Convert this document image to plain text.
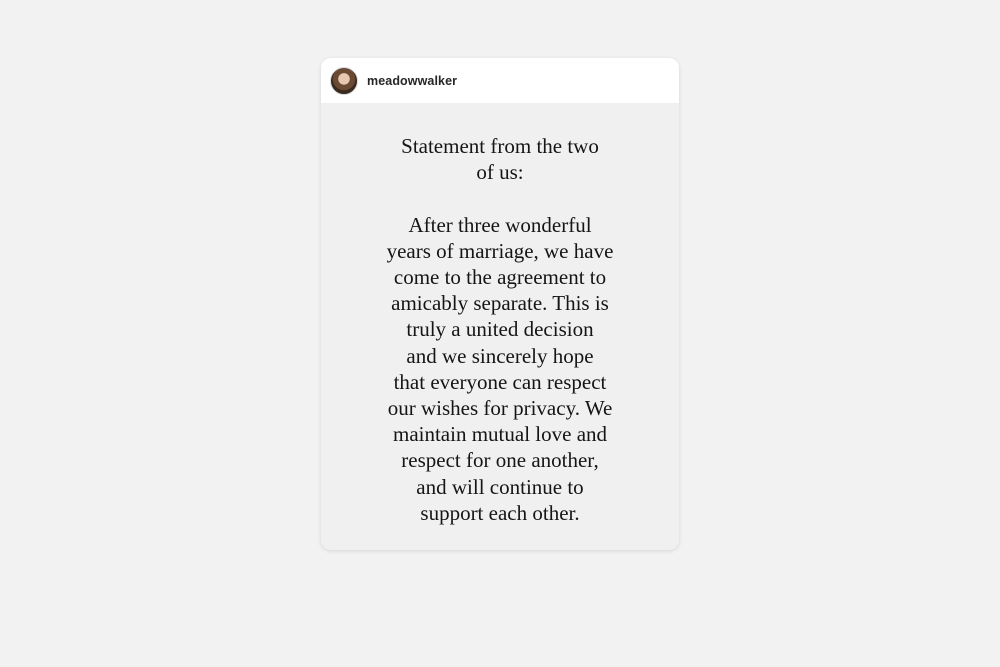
meadowwalker

Statement from the two
of us:

After three wonderful
years of marriage, we have
come to the agreement to
amicably separate. This is
truly a united decision
and we sincerely hope
that everyone can respect
our wishes for privacy. We
maintain mutual love and
respect for one another,
and will continue to
support each other.
